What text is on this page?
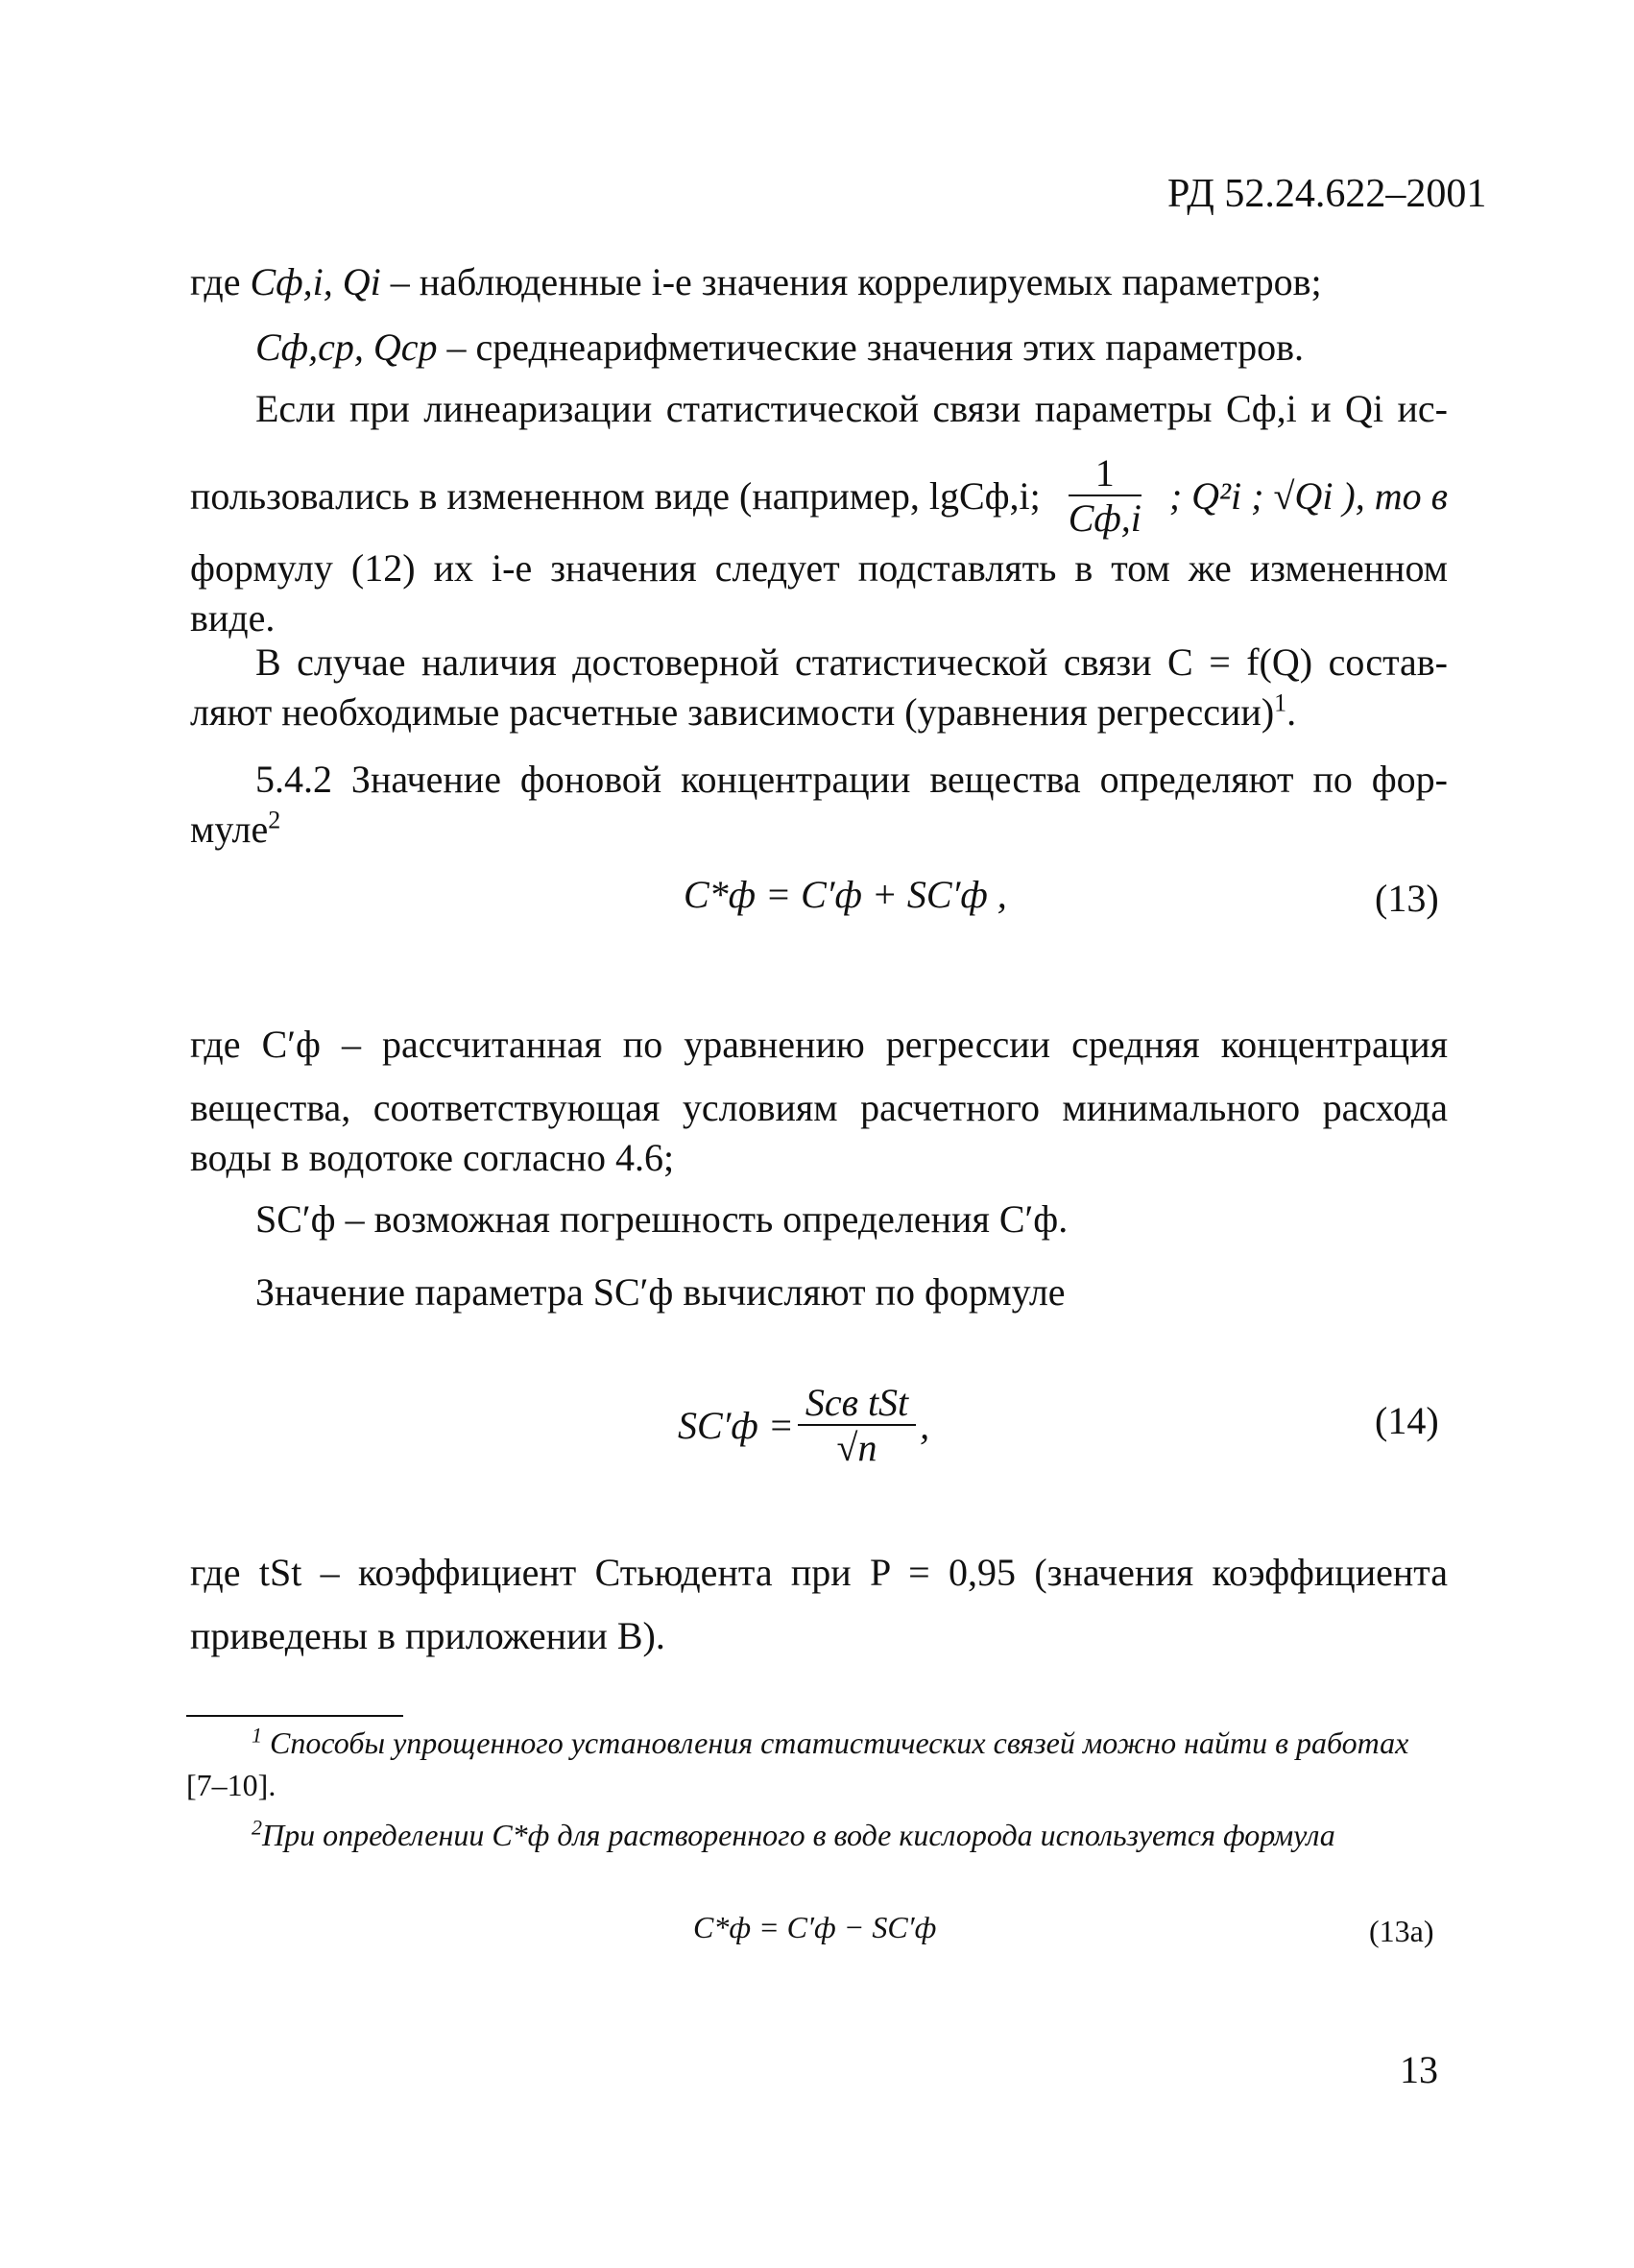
РД 52.24.622–2001
где Cф,i, Qi – наблюденные i-е значения коррелируемых параметров;
Cф,ср, Qср – среднеарифметические значения этих параметров.
Если при линеаризации статистической связи параметры Cф,i и Qi ис-
пользовались в измененном виде (например, lgCф,i; $\frac{1}{Cф,i}$ ; Q²i ; √Qi ), то в
формулу (12) их i-е значения следует подставлять в том же измененном
виде.
В случае наличия достоверной статистической связи C = f(Q) состав-
ляют необходимые расчетные зависимости (уравнения регрессии)$^1$.
5.4.2 Значение фоновой концентрации вещества определяют по фор-
муле$^2$
C*ф = C′ф + SC′ф ,	(13)
где C′ф – рассчитанная по уравнению регрессии средняя концентрация
вещества, соответствующая условиям расчетного минимального расхода
воды в водотоке согласно 4.6;
SC′ф – возможная погрешность определения C′ф.
Значение параметра SC′ф вычисляют по формуле
$SC'ф = \frac{\text{Sсв tSt}}{√n}$ ,	(14)
где tSt – коэффициент Стьюдента при P = 0,95 (значения коэффициента
приведены в приложении В).
$^1$ Способы упрощенного установления статистических связей можно найти в работах
[7–10].
$^2$При определении C*ф для растворенного в воде кислорода используется формула
C*ф = C′ф − SC′ф	(13а)
13
